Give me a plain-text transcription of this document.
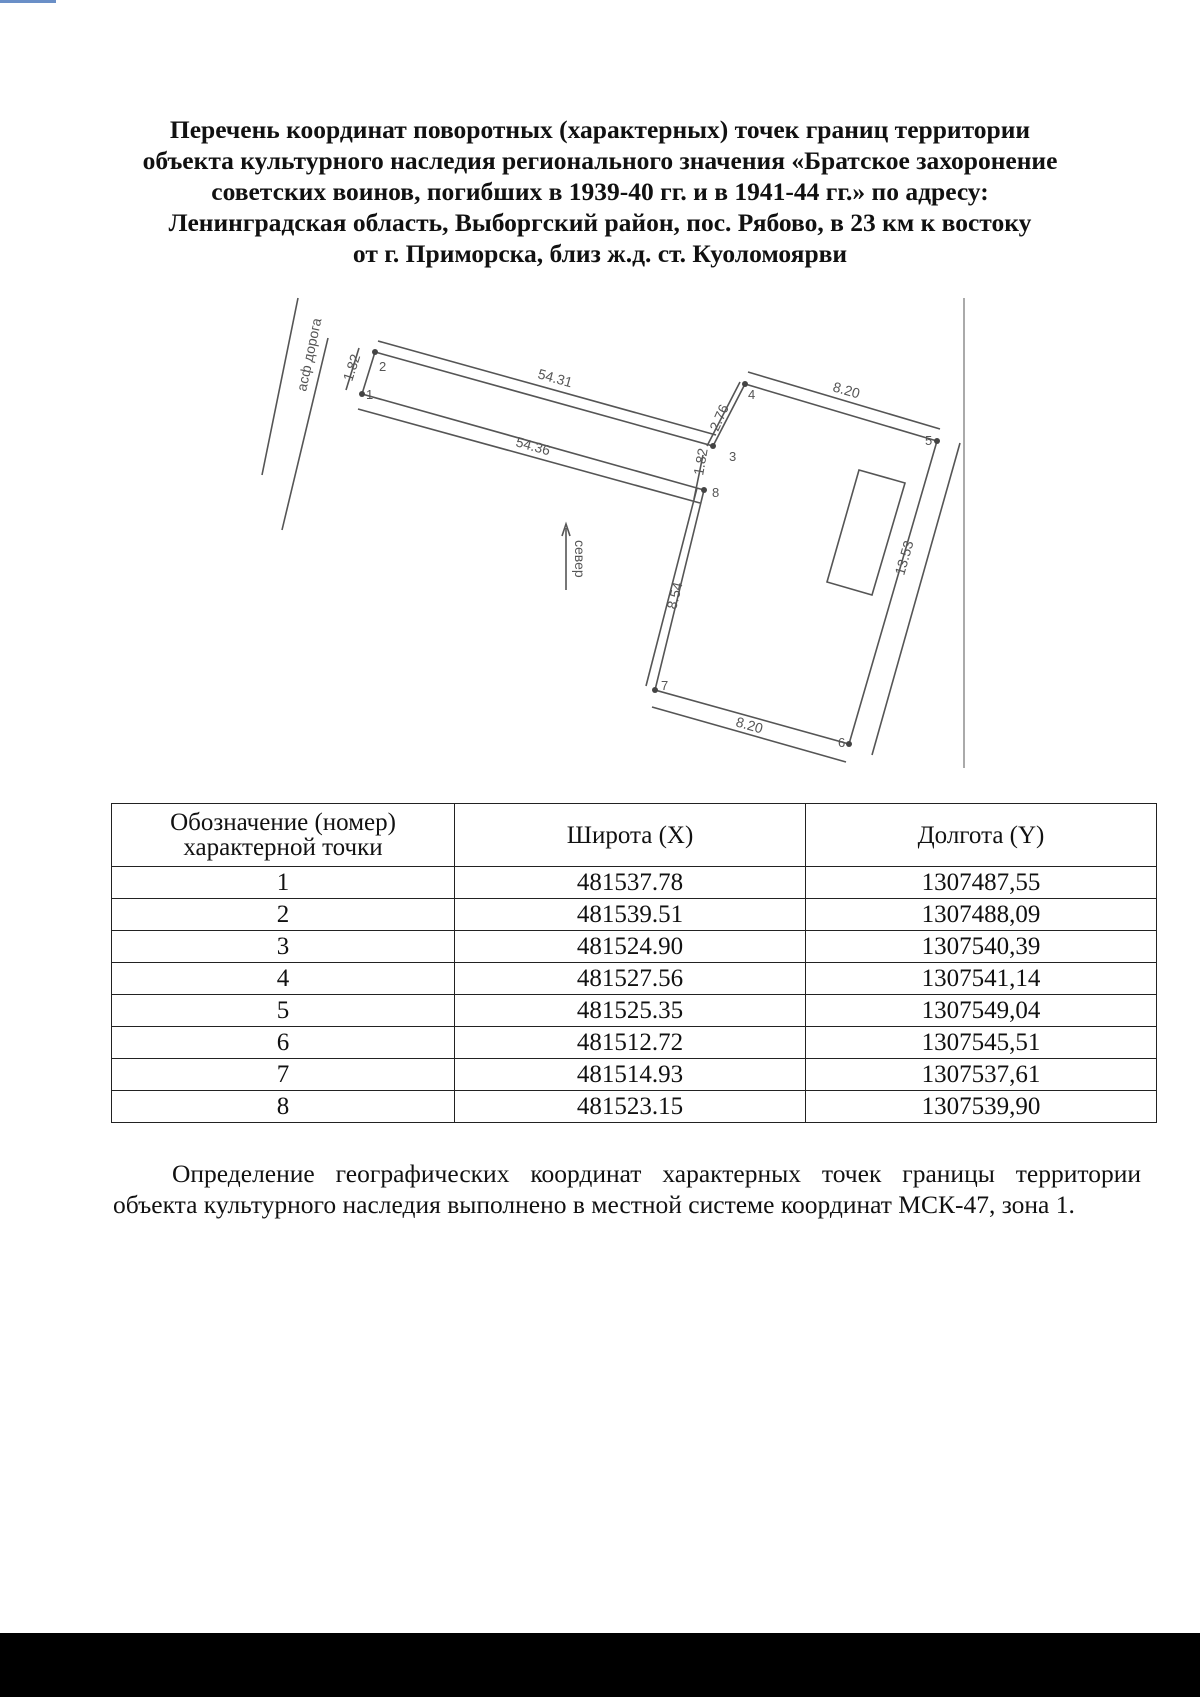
Перечень координат поворотных (характерных) точек границ территории
объекта культурного наследия регионального значения «Братское захоронение
советских воинов, погибших в 1939-40 гг. и в 1941-44 гг.» по адресу:
Ленинградская область, Выборгский район, пос. Рябово, в 23 км к востоку
от г. Приморска, близ ж.д. ст. Куоломоярви
асф дорога
север
1.82	54.31
54.36
2.76
8.20
13.53
8.54
8.20
1.82
1
2
3
4
5
6
7
8
Обозначение (номер)
характерной точки	Широта (X)	Долгота (Y)
1	481537.78	1307487,55
2	481539.51	1307488,09
3	481524.90	1307540,39
4	481527.56	1307541,14
5	481525.35	1307549,04
6	481512.72	1307545,51
7	481514.93	1307537,61
8	481523.15	1307539,90
Определение географических координат характерных точек границы территории объекта культурного наследия выполнено в местной системе координат МСК-47, зона 1.
